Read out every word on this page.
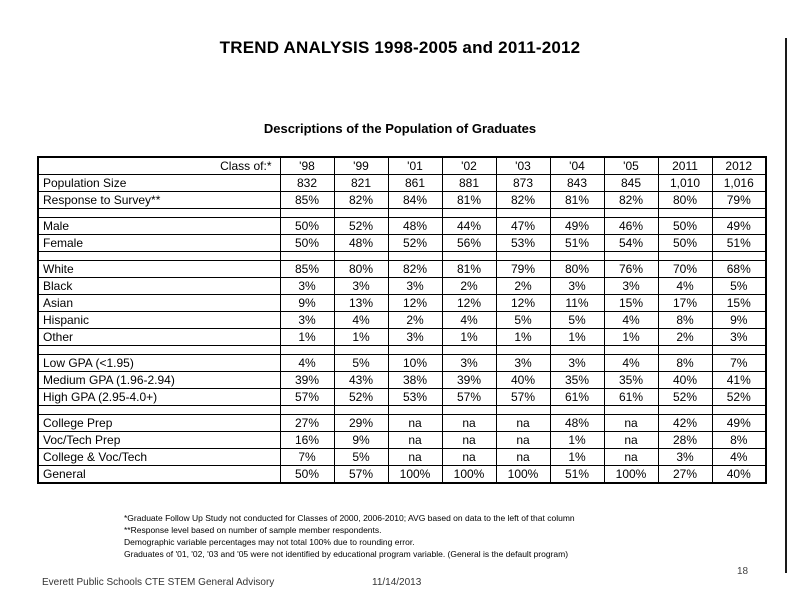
TREND ANALYSIS 1998-2005 and 2011-2012
Descriptions of the Population of Graduates
Class of:*	'98	'99	'01	'02	'03	'04	'05	2011	2012
Population Size	832	821	861	881	873	843	845	1,010	1,016
Response to Survey**	85%	82%	84%	81%	82%	81%	82%	80%	79%

Male	50%	52%	48%	44%	47%	49%	46%	50%	49%
Female	50%	48%	52%	56%	53%	51%	54%	50%	51%

White	85%	80%	82%	81%	79%	80%	76%	70%	68%
Black	3%	3%	3%	2%	2%	3%	3%	4%	5%
Asian	9%	13%	12%	12%	12%	11%	15%	17%	15%
Hispanic	3%	4%	2%	4%	5%	5%	4%	8%	9%
Other	1%	1%	3%	1%	1%	1%	1%	2%	3%

Low GPA (<1.95)	4%	5%	10%	3%	3%	3%	4%	8%	7%
Medium GPA (1.96-2.94)	39%	43%	38%	39%	40%	35%	35%	40%	41%
High GPA (2.95-4.0+)	57%	52%	53%	57%	57%	61%	61%	52%	52%

College Prep	27%	29%	na	na	na	48%	na	42%	49%
Voc/Tech Prep	16%	9%	na	na	na	1%	na	28%	8%
College & Voc/Tech	7%	5%	na	na	na	1%	na	3%	4%
General	50%	57%	100%	100%	100%	51%	100%	27%	40%
*Graduate Follow Up Study not conducted for Classes of 2000, 2006-2010; AVG based on data to the left of that column
**Response level based on number of sample member respondents.
Demographic variable percentages may not total 100% due to rounding error.
Graduates of '01, '02, '03 and '05 were not identified by educational program variable. (General is the default program)
Everett Public Schools CTE STEM General Advisory	11/14/2013
18
